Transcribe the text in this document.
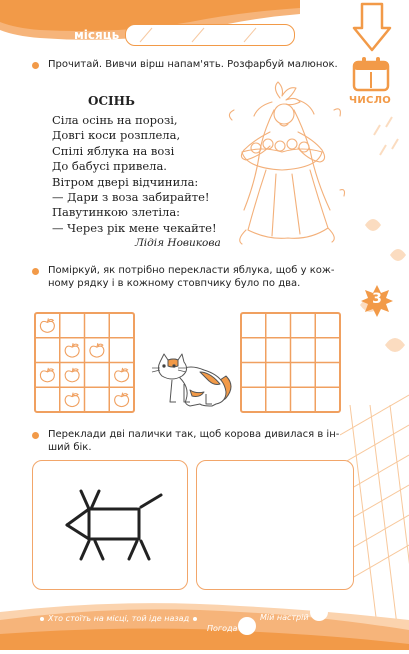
місяць
ЧИСЛО
3
Прочитай. Вивчи вірш напам'ять. Розфарбуй малюнок.
ОСІНЬ
Сіла осінь на порозі,
Довгі коси розплела,
Спілі яблука на возі
До бабусі привела.
Вітром двері відчинила:
— Дари з воза забирайте!
Павутинкою злетіла:
— Через рік мене чекайте!
Лідія Новикова
Поміркуй, як потрібно перекласти яблука, щоб у кож-
ному рядку і в кожному стовпчику було по два.
Переклади дві палички так, щоб корова дивилася в ін-
ший бік.
Хто стоїть на місці, той іде назад
Погода
Мій настрій
